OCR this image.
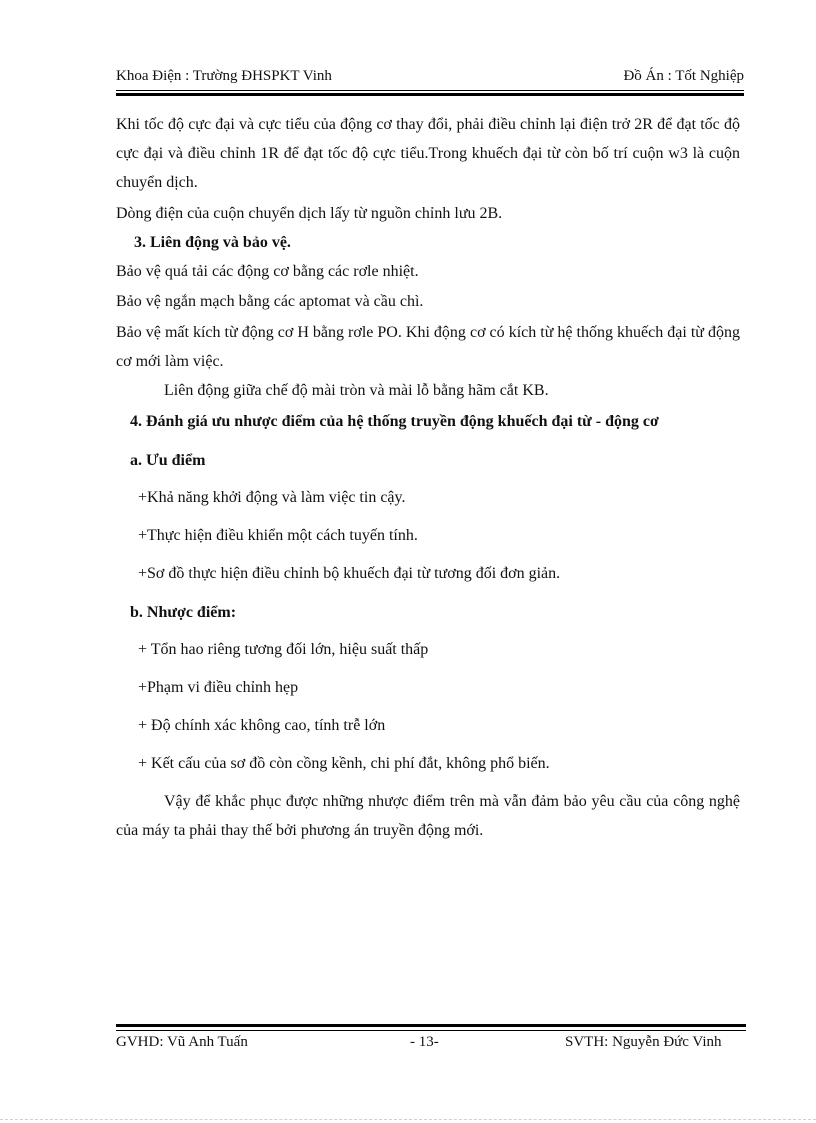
Khoa Điện : Trường ĐHSPKT Vinh	Đồ Án : Tốt Nghiệp
Khi tốc độ cực đại và cực tiểu của động cơ thay đổi, phải điều chỉnh lại điện trở 2R để đạt tốc độ cực đại và điều chỉnh 1R để đạt tốc độ cực tiểu.Trong khuếch đại từ còn bố trí cuộn w3 là cuộn chuyển dịch.
Dòng điện của cuộn chuyển dịch lấy từ nguồn chỉnh lưu 2B.
3. Liên động và bảo vệ.
Bảo vệ quá tải các động cơ bằng các rơle nhiệt.
Bảo vệ ngắn mạch bằng các aptomat và cầu chì.
Bảo vệ mất kích từ động cơ H bằng rơle PO. Khi động cơ có kích từ hệ thống khuếch đại từ động cơ mới làm việc.
Liên động giữa chế độ mài tròn và mài lỗ bằng hãm cắt KB.
4. Đánh giá ưu nhược điểm của hệ thống truyền động khuếch đại từ - động cơ
a. Ưu điểm
+Khả năng khởi động và làm việc tin cậy.
+Thực hiện điều khiển một cách tuyến tính.
+Sơ đồ thực hiện điều chỉnh bộ khuếch đại từ tương đối đơn giản.
b. Nhược điểm:
+ Tổn hao riêng tương đối lớn, hiệu suất thấp
+Phạm vi điều chỉnh hẹp
+ Độ chính xác không cao, tính trễ lớn
+ Kết cấu của sơ đồ còn cồng kềnh, chi phí đắt, không phổ biến.
Vậy để khắc phục được những nhược điểm trên mà vẫn đảm bảo yêu cầu của công nghệ của máy ta phải thay thế bởi phương án truyền động mới.
GVHD: Vũ Anh Tuấn	- 13-	SVTH: Nguyễn Đức Vinh
